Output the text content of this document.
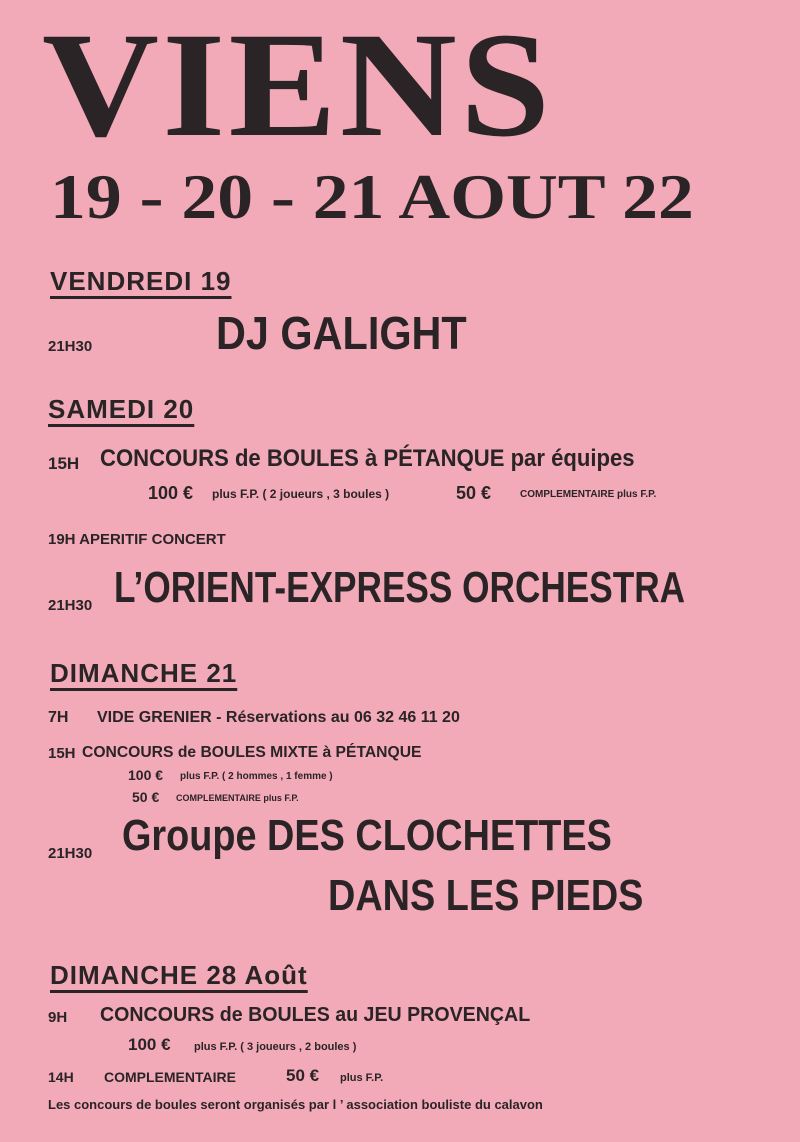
VIENS
19 - 20 - 21 AOUT 22
VENDREDI 19
21H30	DJ GALIGHT
SAMEDI 20
15H CONCOURS de BOULES à PÉTANQUE par équipes
100 € plus F.P. ( 2 joueurs , 3 boules )	50 €	COMPLEMENTAIRE plus F.P.
19H APERITIF CONCERT
21H30 L’ORIENT-EXPRESS ORCHESTRA
DIMANCHE 21
7H VIDE GRENIER - Réservations au 06 32 46 11 20
15H CONCOURS de BOULES MIXTE à PÉTANQUE
100 € plus F.P. ( 2 hommes , 1 femme )
50 € COMPLEMENTAIRE plus F.P.
21H30 Groupe DES CLOCHETTES
DANS LES PIEDS
DIMANCHE 28 Août
9H CONCOURS de BOULES au JEU PROVENÇAL
100 € plus F.P. ( 3 joueurs , 2 boules )
14H COMPLEMENTAIRE	50 € plus F.P.
Les concours de boules seront organisés par l ’ association bouliste du calavon
